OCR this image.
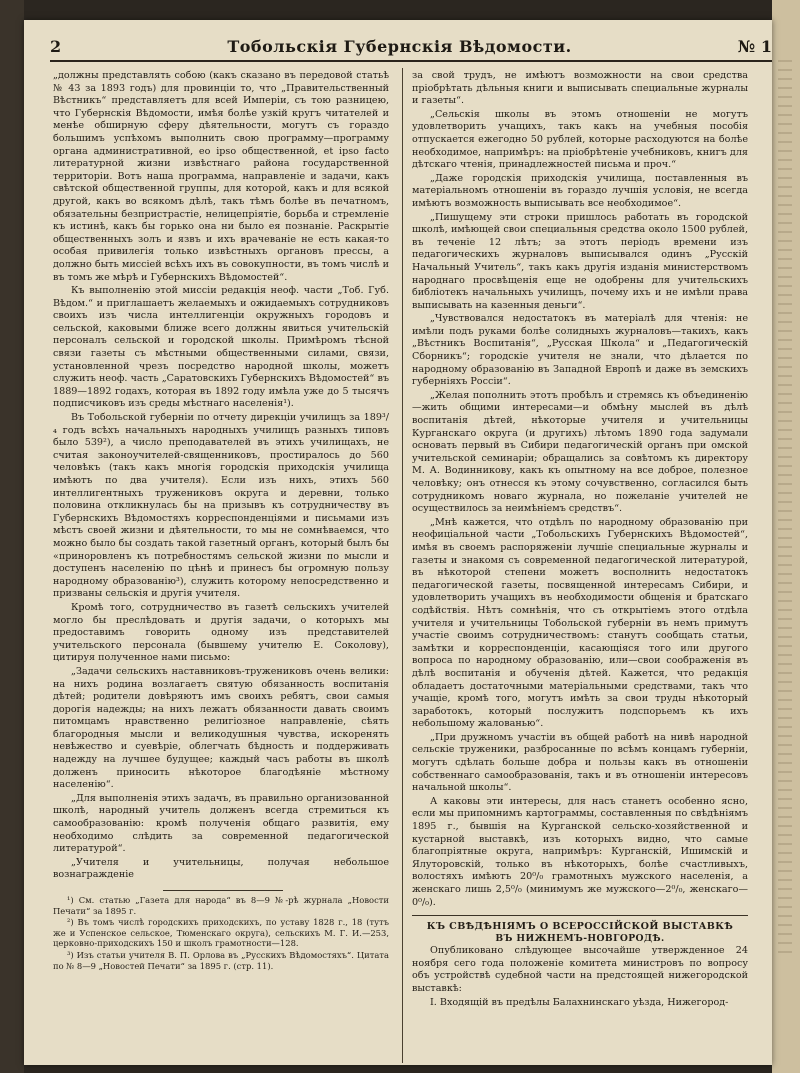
2	Тобольскія Губернскія Вѣдомости.	№ 1

„должны представлять собою (какъ сказано въ передовой статьѣ № 43 за 1893 годъ) для провинціи то, что „Правительственный Вѣстникъ“ представляетъ для всей Имперіи, съ тою разницею, что Губернскія Вѣдомости, имѣя болѣе узкій кругъ читателей и менѣе обширную сферу дѣятельности, могутъ съ гораздо большимъ успѣхомъ выполнить свою программу—программу органа административной, eo ipso общественной, et ipso facto литературной жизни извѣстнаго района государственной территоріи. Вотъ наша программа, направленіе и задачи, какъ свѣтской общественной группы, для которой, какъ и для всякой другой, какъ во всякомъ дѣлѣ, такъ тѣмъ болѣе въ печатномъ, обязательны безпристрастіе, нелицепріятіе, борьба и стремленіе къ истинѣ, какъ бы горько она ни было ея познаніе. Раскрытіе общественныхъ золъ и язвъ и ихъ врачеваніе не есть какая-то особая привилегія только извѣстныхъ органовъ прессы, а должно быть миссіей всѣхъ ихъ въ совокупности, въ томъ числѣ и въ томъ же мѣрѣ и Губернскихъ Вѣдомостей“.

Къ выполненію этой миссіи редакція неоф. части „Тоб. Губ. Вѣдом.“ и приглашаетъ желаемыхъ и ожидаемыхъ сотрудниковъ своихъ изъ числа интеллигенціи окружныхъ городовъ и сельской, каковыми ближе всего должны явиться учительскій персоналъ сельской и городской школы. Примѣромъ тѣсной связи газеты съ мѣстными общественными силами, связи, установленной чрезъ посредство народной школы, можетъ служить неоф. часть „Саратовскихъ Губернскихъ Вѣдомостей“ въ 1889—1892 годахъ, которая въ 1892 году имѣла уже до 5 тысячъ подписчиковъ изъ среды мѣстнаго населенія¹).

Въ Тобольской губерніи по отчету дирекціи училищъ за 189³/₄ годъ всѣхъ начальныхъ народныхъ училищъ разныхъ типовъ было 539²), а число преподавателей въ этихъ училищахъ, не считая законоучителей-священниковъ, простиралось до 560 человѣкъ (такъ какъ многія городскія приходскія училища имѣютъ по два учителя). Если изъ нихъ, этихъ 560 интеллигентныхъ тружениковъ округа и деревни, только половина откликнулась бы на призывъ къ сотрудничеству въ Губернскихъ Вѣдомостяхъ корреспонденціями и письмами изъ мѣстъ своей жизни и дѣятельности, то мы не сомнѣваемся, что можно было бы создать такой газетный органъ, который былъ бы «приноровленъ къ потребностямъ сельской жизни по мысли и доступенъ населенію по цѣнѣ и принесъ бы огромную пользу народному образованію³), служить которому непосредственно и призваны сельскія и другія учителя.

Кромѣ того, сотрудничество въ газетѣ сельскихъ учителей могло бы преслѣдовать и другія задачи, о которыхъ мы предоставимъ говорить одному изъ представителей учительского персонала (бывшему учителю Е. Соколову), цитируя полученное нами письмо:

„Задачи сельскихъ наставниковъ-тружениковъ очень велики: на нихъ родина возлагаетъ святую обязанность воспитанія дѣтей; родители довѣряютъ имъ своихъ ребятъ, свои самыя дорогія надежды; на нихъ лежатъ обязанности давать своимъ питомцамъ нравственно религіозное направленіе, сѣять благородныя мысли и великодушныя чувства, искоренять невѣжество и суевѣріе, облегчать бѣдность и поддерживать надежду на лучшее будущее; каждый часъ работы въ школѣ долженъ приносить нѣкоторое благодѣяніе мѣстному населенію“.

„Для выполненія этихъ задачъ, въ правильно организованной школѣ, народный учитель долженъ всегда стремиться къ самообразованію: кромѣ полученія общаго развитія, ему необходимо слѣдить за современной педагогической литературой“.

„Учителя и учительницы, получая небольшое вознагражденіе

¹) См. статью „Газета для народа“ въ 8—9 №-рѣ журнала „Новости Печати“ за 1895 г.

²) Въ томъ числѣ городскихъ приходскихъ, по уставу 1828 г., 18 (тутъ же и Успенское сельское, Тюменскаго округа), сельскихъ М. Г. И.—253, церковно-приходскихъ 150 и школъ грамотности—128.

³) Изъ статьи учителя В. П. Орлова въ „Русскихъ Вѣдомостяхъ“. Цитата по № 8—9 „Новостей Печати“ за 1895 г. (стр. 11).

за свой трудъ, не имѣютъ возможности на свои средства пріобрѣтать дѣльныя книги и выписывать специальные журналы и газеты“.

„Сельскія школы въ этомъ отношеніи не могутъ удовлетворить учащихъ, такъ какъ на учебныя пособія отпускается ежегодно 50 рублей, которые расходуются на болѣе необходимое, напримѣръ: на пріобрѣтеніе учебниковъ, книгъ для дѣтскаго чтенія, принадлежностей письма и проч.“

„Даже городскія приходскія училища, поставленныя въ матеріальномъ отношеніи въ гораздо лучшія условія, не всегда имѣютъ возможность выписывать все необходимое“.

„Пишущему эти строки пришлось работать въ городской школѣ, имѣющей свои специальныя средства около 1500 рублей, въ теченіе 12 лѣтъ; за этотъ періодъ времени изъ педагогическихъ журналовъ выписывался одинъ „Русскій Начальный Учитель“, такъ какъ другія изданія министерствомъ народнаго просвѣщенія еще не одобрены для учительскихъ библіотекъ начальныхъ училищъ, почему ихъ и не имѣли права выписывать на казенныя деньги“.

„Чувствовался недостатокъ въ матеріалѣ для чтенія: не имѣли подъ руками болѣе солидныхъ журналовъ—такихъ, какъ „Вѣстникъ Воспитанія“, „Русская Школа“ и „Педагогическій Сборникъ“; городскіе учителя не знали, что дѣлается по народному образованію въ Западной Европѣ и даже въ земскихъ губерніяхъ Россіи“.

„Желая пополнить этотъ пробѣлъ и стремясь къ объединенію—жить общими интересами—и обмѣну мыслей въ дѣлѣ воспитанія дѣтей, нѣкоторые учителя и учительницы Курганскаго округа (и другихъ) лѣтомъ 1890 года задумали основать первый въ Сибири педагогическій органъ при омской учительской семинаріи; обращались за совѣтомъ къ директору М. А. Водинникову, какъ къ опытному на все доброе, полезное человѣку; онъ отнесся къ этому сочувственно, согласился быть сотрудникомъ новаго журнала, но пожеланіе учителей не осуществилось за неимѣніемъ средствъ“.

„Мнѣ кажется, что отдѣлъ по народному образованію при неофиціальной части „Тобольскихъ Губернскихъ Вѣдомостей“, имѣя въ своемъ распоряженіи лучшіе специальные журналы и газеты и знакомя съ современной педагогической литературой, въ нѣкоторой степени можетъ восполнить недостатокъ педагогической газеты, посвященной интересамъ Сибири, и удовлетворить учащихъ въ необходимости общенія и братскаго содѣйствія. Нѣтъ сомнѣнія, что съ открытіемъ этого отдѣла учителя и учительницы Тобольской губерніи въ немъ примутъ участіе своимъ сотрудничествомъ: станутъ сообщать статьи, замѣтки и корреспонденціи, касающіяся того или другого вопроса по народному образованію, или—свои соображенія въ дѣлѣ воспитанія и обученія дѣтей. Кажется, что редакція обладаетъ достаточными матеріальными средствами, такъ что учащіе, кромѣ того, могутъ имѣть за свои труды нѣкоторый заработокъ, который послужитъ подспорьемъ къ ихъ небольшому жалованью“.

„При дружномъ участіи въ общей работѣ на нивѣ народной сельскіе труженики, разбросанные по всѣмъ концамъ губерніи, могутъ сдѣлать больше добра и пользы какъ въ отношеніи собственнаго самообразованія, такъ и въ отношеніи интересовъ начальной школы“.

А каковы эти интересы, для насъ станетъ особенно ясно, если мы припомнимъ картограммы, составленныя по свѣдѣніямъ 1895 г., бывшія на Курганской сельско-хозяйственной и кустарной выставкѣ, изъ которыхъ видно, что самые благопріятные округа, напримѣръ: Курганскій, Ишимскій и Ялуторовскій, только въ нѣкоторыхъ, болѣе счастливыхъ, волостяхъ имѣютъ 20⁰/₀ грамотныхъ мужского населенія, а женскаго лишь 2,5⁰/₀ (минимумъ же мужского—2⁰/₀, женскаго—0⁰/₀).

КЪ СВѢДѢНІЯМЪ О ВСЕРОССІЙСКОЙ ВЫСТАВКѢ
ВЪ НИЖНЕМЪ-НОВГОРОДѢ.

Опубликовано слѣдующее высочайше утвержденное 24 ноября сего года положеніе комитета министровъ по вопросу объ устройствѣ судебной части на предстоящей нижегородской выставкѣ:

I. Входящій въ предѣлы Балахнинскаго уѣзда, Нижегород-
